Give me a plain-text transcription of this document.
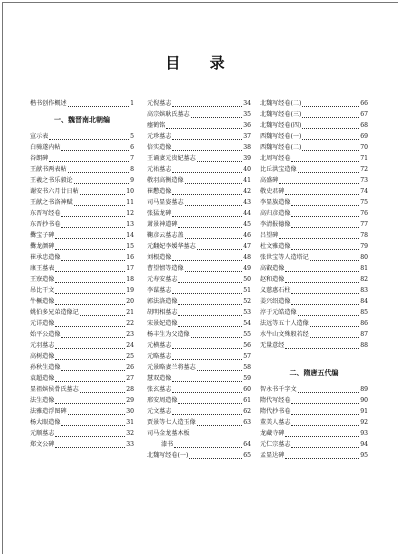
目 录
楷书创作概述	1
一、魏晋南北朝编
宣示表	5
白骑遂内帖	6
谷朗碑	7
王献书两表帖	8
王羲之书乐毅论	9
谢安书六月廿日帖	10
王献之书洛神赋	11
东晋写经卷	12
东晋抄书卷	13
爨宝子碑	14
爨龙颜碑	15
崔承忠造像	16
康王墓表	17
王寮造像	18
吊比干文	19
牛橛造像	20
姚伯多兄弟造像记	21
元详造像	22
始平公造像	23
元羽墓志	24
高树造像	25
孙秋生造像	26
袁超造像	27
显祖嫔侯骨氏墓志	28
法生造像	29
法雅造浮图碑	30
杨大眼造像	31
元顺墓志	32
郑文公碑	33
元倪墓志	34
高宗嫔耿氏墓志	35
瘗鹤铭	36
元珍墓志	37
倍实造像	38
王诵妻元贵妃墓志	39
元祐墓志	40
敬羽高衡造像	41
崔懃造像	42
司马显姿墓志	43
张猛龙碑	44
萧景神道碑	45
鞠彦云墓志盖	46
元翻妃李媛华墓志	47
刘根造像	48
曹望憘等造像	49
元寿安墓志	50
李谋墓志	51
郭法洛造像	52
胡明相墓志	53
宋景妃造像	54
杨丰生为父造像	55
元横墓志	56
元略墓志	57
元景略妻兰将墓志	58
慧双造像	59
张玄墓志	60
邢安周造像	61
元文墓志	62
贾景等七人造玉像	63
司马金龙墓木板
漆书	64
北魏写经卷(一)	65
北魏写经卷(二)	66
北魏写经卷(三)	67
北魏写经卷(四)	68
西魏写经卷(一)	69
西魏写经卷(二)	70
北周写经卷	71
比丘洪宝造像	72
高盛碑	73
敬史君碑	74
李显族造像	75
高归彦造像	76
李清报德像	77
吕望碑	78
杜文雅造像	79
张世宝等人造塔记	80
高叡造像	81
赵和造像	82
义慈惠石柱	83
姜兴绍造像	84
淳于元皓造像	85
法远等五十人造像	86
水牛山文殊般若经	87
无量意经	88
二、隋唐五代编
智永书千字文	89
隋代写经卷	90
隋代抄书卷	91
董美人墓志	92
龙藏寺碑	93
元仁宗墓志	94
孟显达碑	95
